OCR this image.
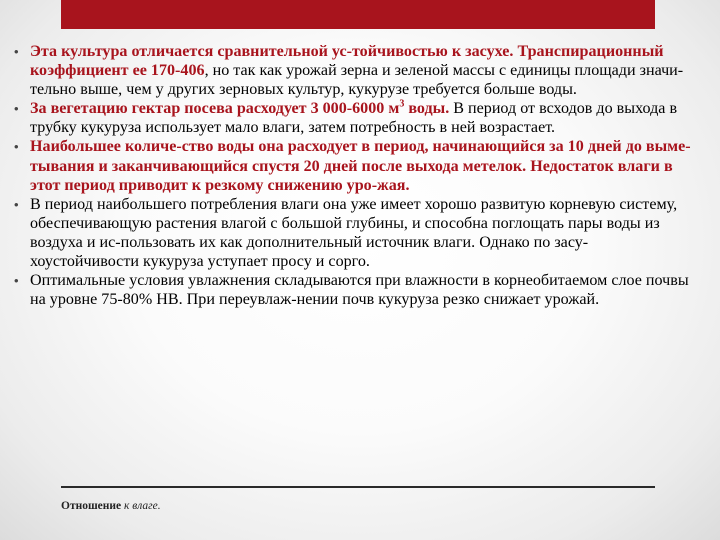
• Эта культура отличается сравнительной ус-тойчивостью к засухе. Транспирационный коэффициент ее 170-406, но так как урожай зерна и зеленой массы с единицы площади значи-тельно выше, чем у других зерновых культур, кукурузе требуется больше воды.
• За вегетацию гектар посева расходует 3 000-6000 $м^3$ воды. В период от всходов до выхода в трубку кукуруза использует мало влаги, затем потребность в ней возрастает.
• Наибольшее количе-ство воды она расходует в период, начинающийся за 10 дней до выме-тывания и заканчивающийся спустя 20 дней после выхода метелок. Недостаток влаги в этот период приводит к резкому снижению уро-жая.
• В период наибольшего потребления влаги она уже имеет хорошо развитую корневую систему, обеспечивающую растения влагой с большой глубины, и способна поглощать пары воды из воздуха и ис-пользовать их как дополнительный источник влаги. Однако по засу-хоустойчивости кукуруза уступает просу и сорго.
• Оптимальные условия увлажнения складываются при влажности в корнеобитаемом слое почвы на уровне 75-80% НВ. При переувлаж-нении почв кукуруза резко снижает урожай.
Отношение к влаге.
